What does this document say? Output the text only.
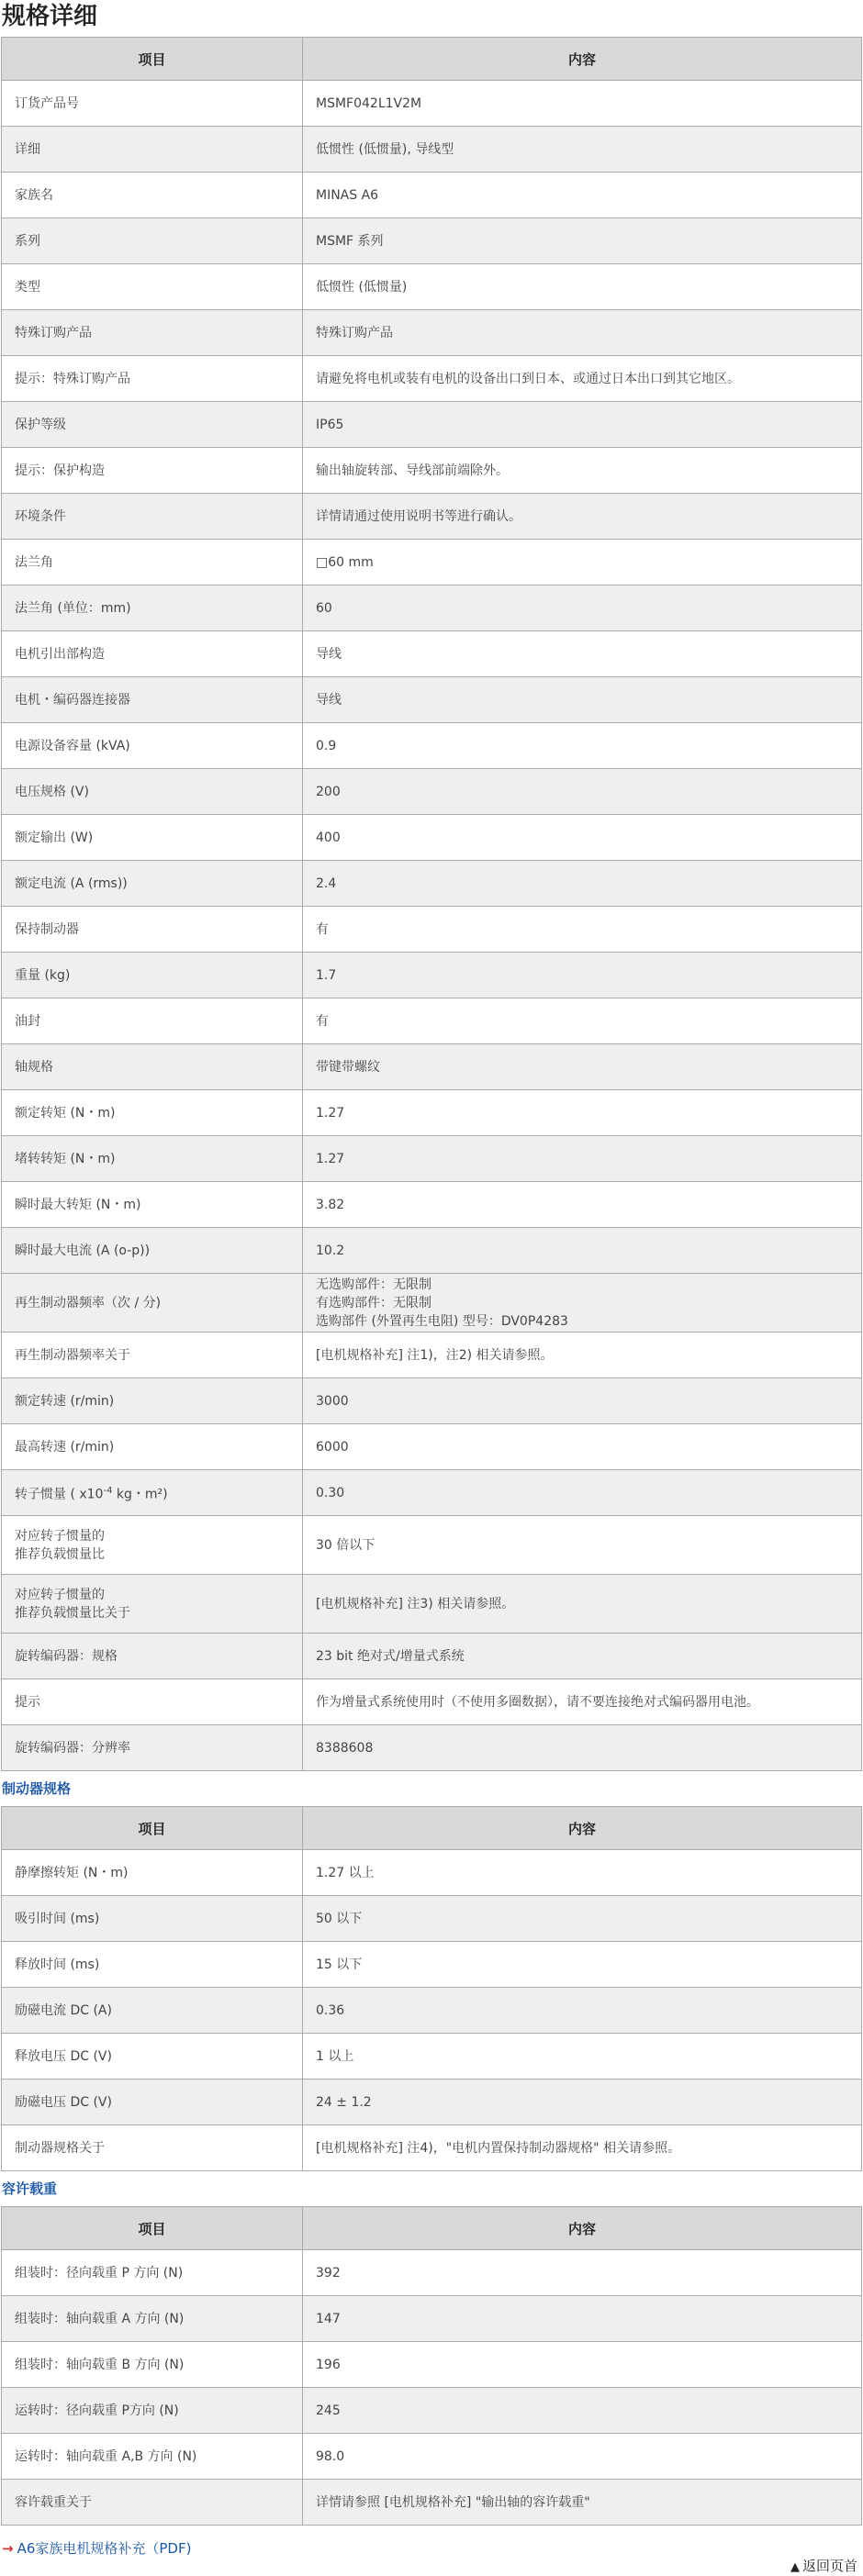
规格详细
项目	内容
订货产品号	MSMF042L1V2M
详细	低惯性 (低惯量), 导线型
家族名	MINAS A6
系列	MSMF 系列
类型	低惯性 (低惯量)
特殊订购产品	特殊订购产品
提示：特殊订购产品	请避免将电机或装有电机的设备出口到日本、或通过日本出口到其它地区。
保护等级	IP65
提示：保护构造	输出轴旋转部、导线部前端除外。
环境条件	详情请通过使用说明书等进行确认。
法兰角	□60 mm
法兰角 (单位：mm)	60
电机引出部构造	导线
电机・编码器连接器	导线
电源设备容量 (kVA)	0.9
电压规格 (V)	200
额定输出 (W)	400
额定电流 (A (rms))	2.4
保持制动器	有
重量 (kg)	1.7
油封	有
轴规格	带键带螺纹
额定转矩 (N・m)	1.27
堵转转矩 (N・m)	1.27
瞬时最大转矩 (N・m)	3.82
瞬时最大电流 (A (o-p))	10.2
再生制动器频率（次 / 分)	无选购部件：无限制
有选购部件：无限制
选购部件 (外置再生电阻) 型号：DV0P4283

再生制动器频率关于	[电机规格补充] 注1)，注2) 相关请参照。
额定转速 (r/min)	3000
最高转速 (r/min)	6000
转子惯量 ( $x10^{-4}$ kg・m²)	0.30

对应转子惯量的
推荐负载惯量比	30 倍以下

对应转子惯量的
推荐负载惯量比关于	[电机规格补充] 注3) 相关请参照。
旋转编码器：规格	23 bit 绝对式/增量式系统
提示	作为增量式系统使用时（不使用多圈数据），请不要连接绝对式编码器用电池。
旋转编码器：分辨率	8388608
制动器规格
项目	内容
静摩擦转矩 (N・m)	1.27 以上
吸引时间 (ms)	50 以下
释放时间 (ms)	15 以下
励磁电流 DC (A)	0.36
释放电压 DC (V)	1 以上
励磁电压 DC (V)	24 ± 1.2
制动器规格关于	[电机规格补充] 注4)，"电机内置保持制动器规格" 相关请参照。
容许载重
项目	内容
组装时：径向载重 P 方向 (N)	392
组装时：轴向载重 A 方向 (N)	147
组装时：轴向载重 B 方向 (N)	196
运转时：径向载重 P方向 (N)	245
运转时：轴向载重 A,B 方向 (N)	98.0
容许载重关于	详情请参照 [电机规格补充] "输出轴的容许载重"
→ A6家族电机规格补充（PDF)
▲ 返回页首
